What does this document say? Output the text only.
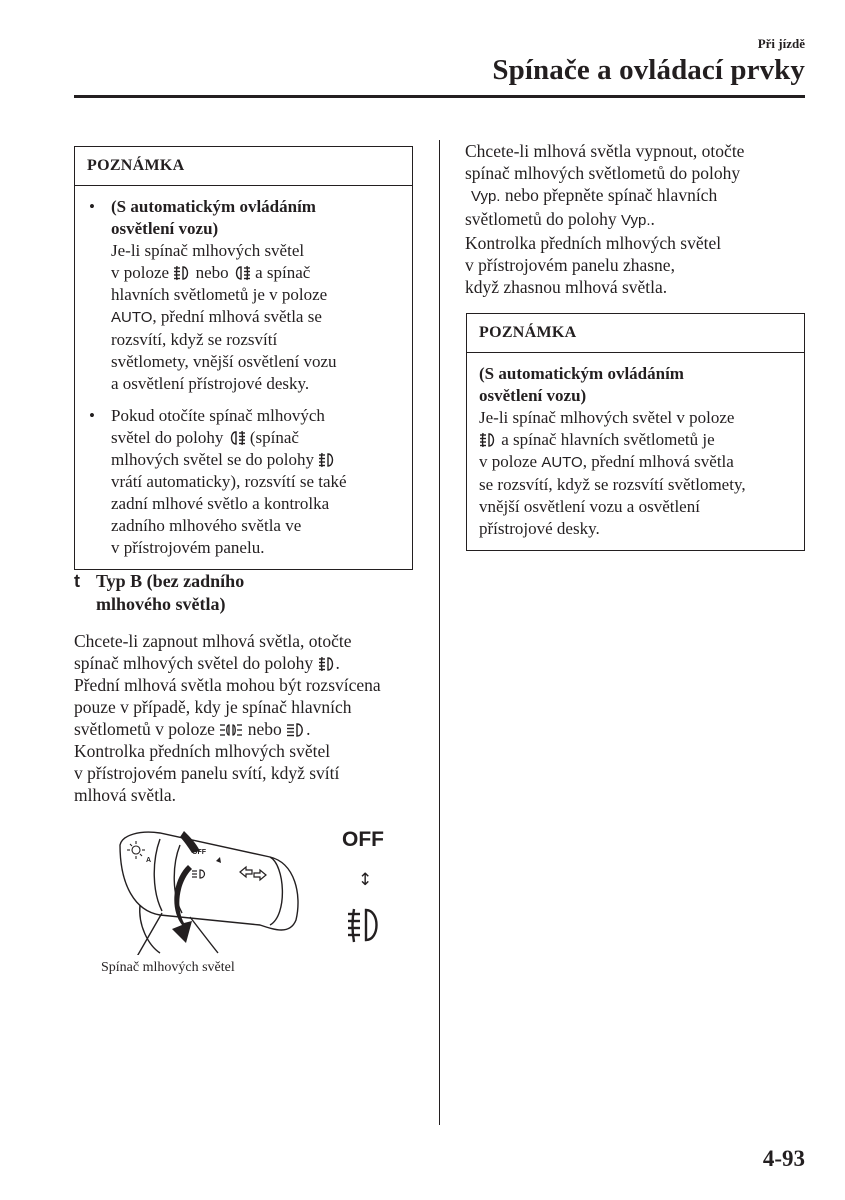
Při jízdě
Spínače a ovládací prvky
POZNÁMKA
• (S automatickým ovládáním
osvětlení vozu)
Je-li spínač mlhových světel
v poloze
nebo
a spínač
hlavních světlometů je v poloze
AUTO, přední mlhová světla se
rozsvítí, když se rozsvítí
světlomety, vnější osvětlení vozu
a osvětlení přístrojové desky.
• Pokud otočíte spínač mlhových
světel do polohy
(spínač
mlhových světel se do polohy
vrátí automaticky), rozsvítí se také
zadní mlhové světlo a kontrolka
zadního mlhového světla ve
v přístrojovém panelu.
t Typ B (bez zadního
mlhového světla)
Chcete-li zapnout mlhová světla, otočte
spínač mlhových světel do polohy
.
Přední mlhová světla mohou být rozsvícena
pouze v případě, kdy je spínač hlavních
světlometů v poloze
nebo
.
Kontrolka předních mlhových světel
v přístrojovém panelu svítí, když svítí
mlhová světla.
OFF
A
OFF
↕
Spínač mlhových světel
Chcete-li mlhová světla vypnout, otočte
spínač mlhových světlometů do polohy
Vyp. nebo přepněte spínač hlavních
světlometů do polohy Vyp..
Kontrolka předních mlhových světel
v přístrojovém panelu zhasne,
když zhasnou mlhová světla.
POZNÁMKA
(S automatickým ovládáním
osvětlení vozu)
Je-li spínač mlhových světel v poloze
a spínač hlavních světlometů je
v poloze AUTO, přední mlhová světla
se rozsvítí, když se rozsvítí světlomety,
vnější osvětlení vozu a osvětlení
přístrojové desky.
4-93
